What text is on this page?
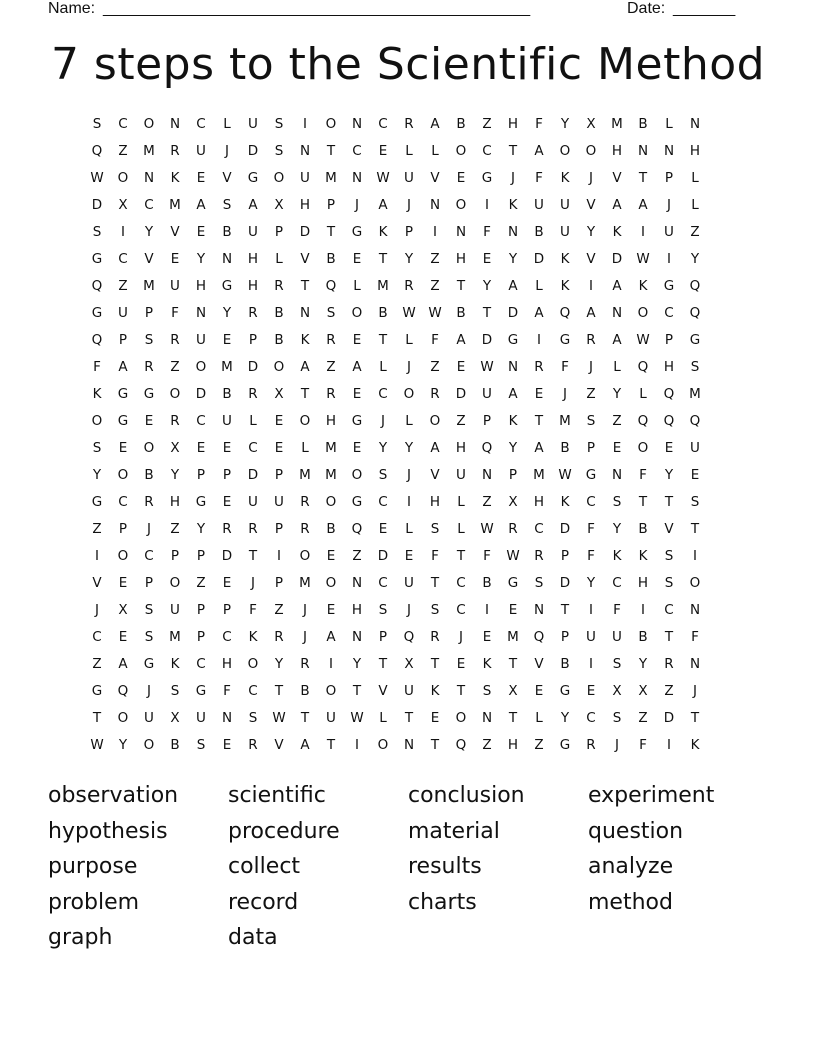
Name: ________________________________________________	Date: _______
7 steps to the Scientific Method
S	C	O	N	C	L	U	S	I	O	N	C	R	A	B	Z	H	F	Y	X	M	B	L	N
Q	Z	M	R	U	J	D	S	N	T	C	E	L	L	O	C	T	A	O	O	H	N	N	H
W	O	N	K	E	V	G	O	U	M	N	W	U	V	E	G	J	F	K	J	V	T	P	L
D	X	C	M	A	S	A	X	H	P	J	A	J	N	O	I	K	U	U	V	A	A	J	L
S	I	Y	V	E	B	U	P	D	T	G	K	P	I	N	F	N	B	U	Y	K	I	U	Z
G	C	V	E	Y	N	H	L	V	B	E	T	Y	Z	H	E	Y	D	K	V	D	W	I	Y
Q	Z	M	U	H	G	H	R	T	Q	L	M	R	Z	T	Y	A	L	K	I	A	K	G	Q
G	U	P	F	N	Y	R	B	N	S	O	B	W W	B	T	D	A	Q	A	N	O	C	Q
Q	P	S	R	U	E	P	B	K	R	E	T	L	F	A	D	G	I	G	R	A	W	P	G
F	A	R	Z	O	M	D	O	A	Z	A	L	J	Z	E	W	N	R	F	J	L	Q	H	S
K	G	G	O	D	B	R	X	T	R	E	C	O	R	D	U	A	E	J	Z	Y	L	Q	M
O	G	E	R	C	U	L	E	O	H	G	J	L	O	Z	P	K	T	M	S	Z	Q	Q	Q
S	E	O	X	E	E	C	E	L	M	E	Y	Y	A	H	Q	Y	A	B	P	E	O	E	U
Y	O	B	Y	P	P	D	P	M	M	O	S	J	V	U	N	P	M W	G	N	F	Y	E
G	C	R	H	G	E	U	U	R	O	G	C	I	H	L	Z	X	H	K	C	S	T	T	S
Z	P	J	Z	Y	R	R	P	R	B	Q	E	L	S	L	W	R	C	D	F	Y	B	V	T
I	O	C	P	P	D	T	I	O	E	Z	D	E	F	T	F	W	R	P	F	K	K	S	I
V	E	P	O	Z	E	J	P	M	O	N	C	U	T	C	B	G	S	D	Y	C	H	S	O
J	X	S	U	P	P	F	Z	J	E	H	S	J	S	C	I	E	N	T	I	F	I	C	N
C	E	S	M	P	C	K	R	J	A	N	P	Q	R	J	E	M	Q	P	U	U	B	T	F
Z	A	G	K	C	H	O	Y	R	I	Y	T	X	T	E	K	T	V	B	I	S	Y	R	N
G	Q	J	S	G	F	C	T	B	O	T	V	U	K	T	S	X	E	G	E	X	X	Z	J
T	O	U	X	U	N	S	W	T	U	W	L	T	E	O	N	T	L	Y	C	S	Z	D	T
W	Y	O	B	S	E	R	V	A	T	I	O	N	T	Q	Z	H	Z	G	R	J	F	I	K
observation	scientific	conclusion	experiment
hypothesis	procedure	material	question
purpose	collect	results	analyze
problem	record	charts	method
graph	data
